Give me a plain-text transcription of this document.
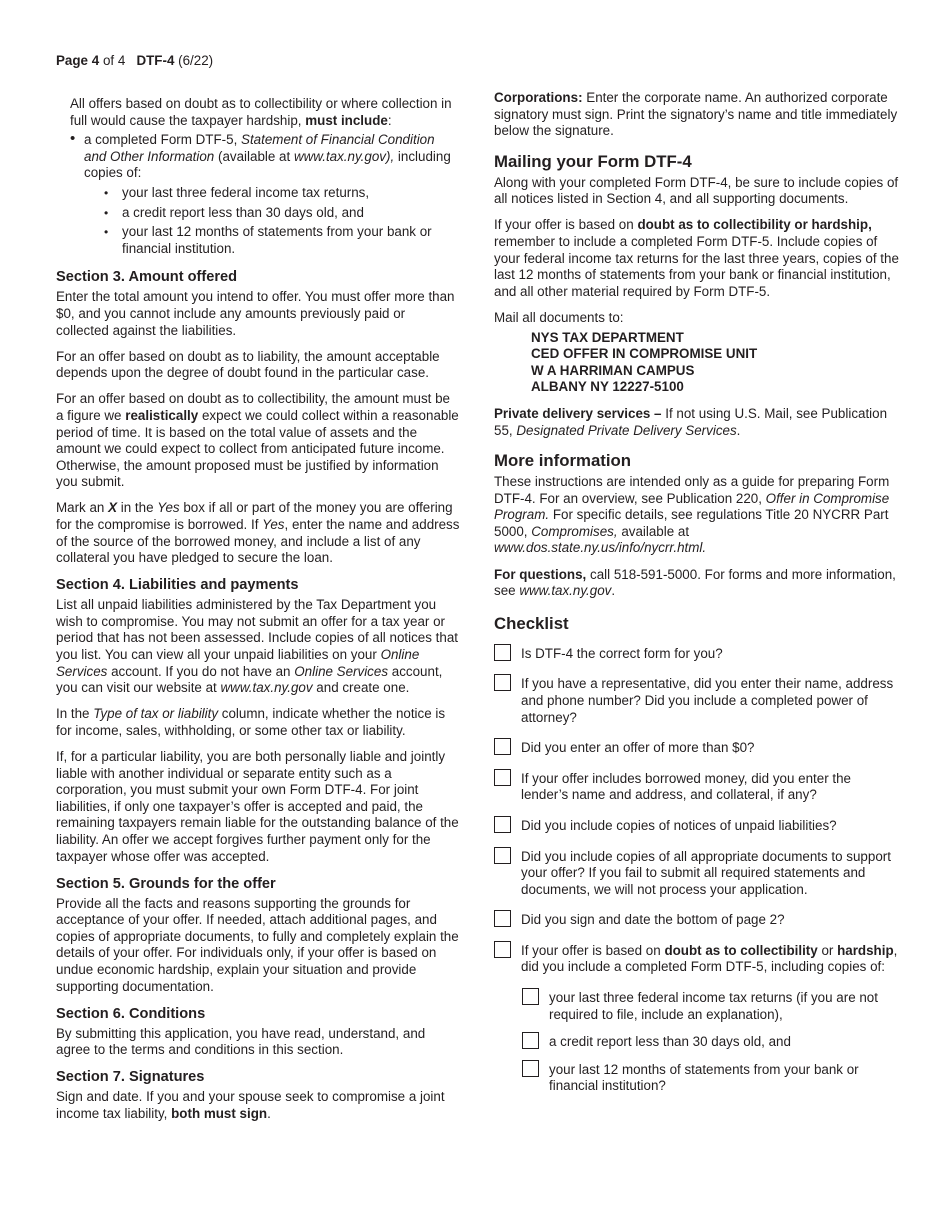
Page 4 of 4 DTF-4 (6/22)

All offers based on doubt as to collectibility or where collection in full would cause the taxpayer hardship, must include:

• a completed Form DTF-5, Statement of Financial Condition and Other Information (available at www.tax.ny.gov), including copies of:
• your last three federal income tax returns,
• a credit report less than 30 days old, and
• your last 12 months of statements from your bank or financial institution.
Section 3. Amount offered

Enter the total amount you intend to offer. You must offer more than $0, and you cannot include any amounts previously paid or collected against the liabilities.

For an offer based on doubt as to liability, the amount acceptable depends upon the degree of doubt found in the particular case.

For an offer based on doubt as to collectibility, the amount must be a figure we realistically expect we could collect within a reasonable period of time. It is based on the total value of assets and the amount we could expect to collect from anticipated future income. Otherwise, the amount proposed must be justified by information you submit.

Mark an X in the Yes box if all or part of the money you are offering for the compromise is borrowed. If Yes, enter the name and address of the source of the borrowed money, and include a list of any collateral you have pledged to secure the loan.

Section 4. Liabilities and payments

List all unpaid liabilities administered by the Tax Department you wish to compromise. You may not submit an offer for a tax year or period that has not been assessed. Include copies of all notices that you list. You can view all your unpaid liabilities on your Online Services account. If you do not have an Online Services account, you can visit our website at www.tax.ny.gov and create one.

In the Type of tax or liability column, indicate whether the notice is for income, sales, withholding, or some other tax or liability.

If, for a particular liability, you are both personally liable and jointly liable with another individual or separate entity such as a corporation, you must submit your own Form DTF-4. For joint liabilities, if only one taxpayer’s offer is accepted and paid, the remaining taxpayers remain liable for the outstanding balance of the liability. An offer we accept forgives further payment only for the taxpayer whose offer was accepted.

Section 5. Grounds for the offer

Provide all the facts and reasons supporting the grounds for acceptance of your offer. If needed, attach additional pages, and copies of appropriate documents, to fully and completely explain the details of your offer. For individuals only, if your offer is based on undue economic hardship, explain your situation and provide supporting documentation.

Section 6. Conditions

By submitting this application, you have read, understand, and agree to the terms and conditions in this section.

Section 7. Signatures

Sign and date. If you and your spouse seek to compromise a joint income tax liability, both must sign.

Corporations: Enter the corporate name. An authorized corporate signatory must sign. Print the signatory’s name and title immediately below the signature.

Mailing your Form DTF-4

Along with your completed Form DTF-4, be sure to include copies of all notices listed in Section 4, and all supporting documents.

If your offer is based on doubt as to collectibility or hardship, remember to include a completed Form DTF-5. Include copies of your federal income tax returns for the last three years, copies of the last 12 months of statements from your bank or financial institution, and all other material required by Form DTF-5.

Mail all documents to:

NYS TAX DEPARTMENT
CED OFFER IN COMPROMISE UNIT
W A HARRIMAN CAMPUS
ALBANY NY 12227-5100

Private delivery services – If not using U.S. Mail, see Publication 55, Designated Private Delivery Services.

More information

These instructions are intended only as a guide for preparing Form DTF-4. For an overview, see Publication 220, Offer in Compromise Program. For specific details, see regulations Title 20 NYCRR Part 5000, Compromises, available at www.dos.state.ny.us/info/nycrr.html.

For questions, call 518-591-5000. For forms and more information, see www.tax.ny.gov.

Checklist
Is DTF-4 the correct form for you?
If you have a representative, did you enter their name, address and phone number? Did you include a completed power of attorney?
Did you enter an offer of more than $0?
If your offer includes borrowed money, did you enter the lender’s name and address, and collateral, if any?
Did you include copies of notices of unpaid liabilities?
Did you include copies of all appropriate documents to support your offer? If you fail to submit all required statements and documents, we will not process your application.
Did you sign and date the bottom of page 2?
If your offer is based on doubt as to collectibility or hardship, did you include a completed Form DTF-5, including copies of:
your last three federal income tax returns (if you are not required to file, include an explanation),
a credit report less than 30 days old, and
your last 12 months of statements from your bank or financial institution?
